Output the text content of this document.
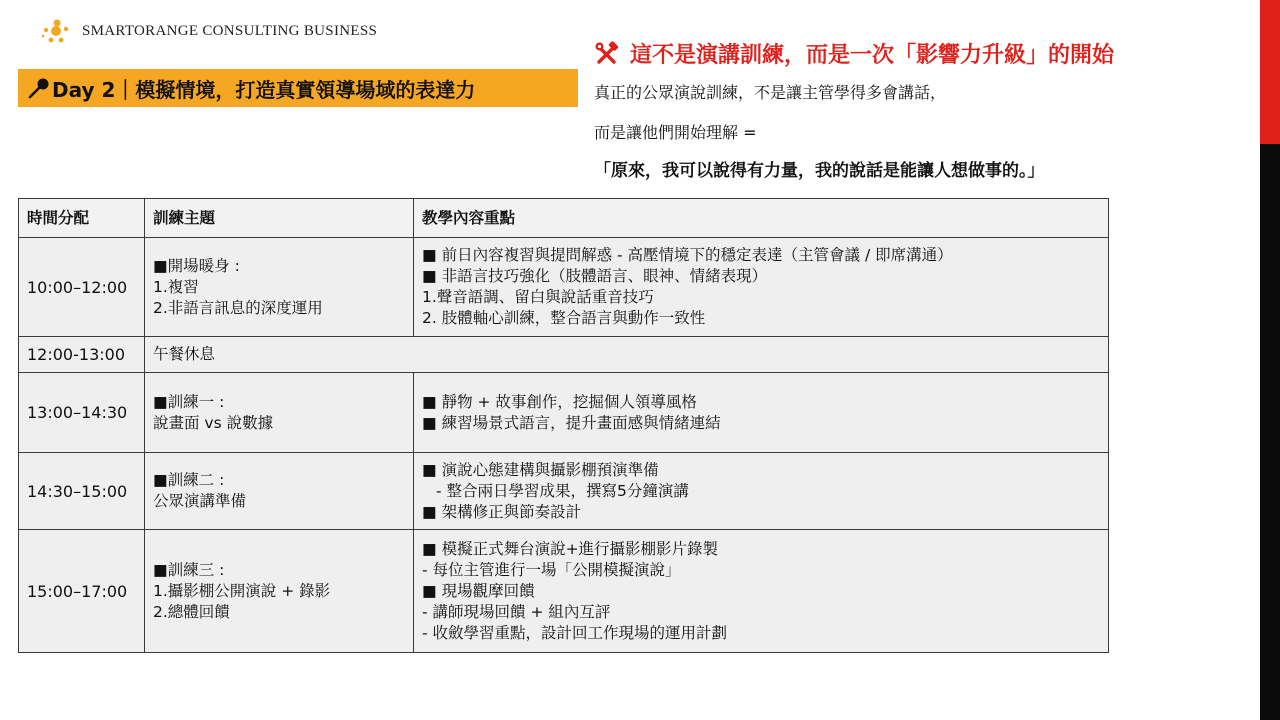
SMARTORANGE CONSULTING BUSINESS
Day 2｜模擬情境，打造真實領導場域的表達力
這不是演講訓練，而是一次「影響力升級」的開始
真正的公眾演說訓練，不是讓主管學得多會講話，
而是讓他們開始理解 =
「原來，我可以說得有力量，我的說話是能讓人想做事的。」
時間分配	訓練主題	教學內容重點
10:00–12:00	■開場暖身 :
1.複習
2.非語言訊息的深度運用	■ 前日內容複習與提問解惑 - 高壓情境下的穩定表達（主管會議 / 即席溝通）
■ 非語言技巧強化（肢體語言、眼神、情緒表現）
1.聲音語調、留白與說話重音技巧
2. 肢體軸心訓練，整合語言與動作一致性

12:00-13:00	午餐休息	
13:00–14:30	■訓練一 :
說畫面 vs 說數據	■ 靜物 + 故事創作，挖掘個人領導風格
■ 練習場景式語言，提升畫面感與情緒連結

14:30–15:00	■訓練二 :
公眾演講準備	■ 演說心態建構與攝影棚預演準備
- 整合兩日學習成果，撰寫5分鐘演講
■ 架構修正與節奏設計

15:00–17:00	■訓練三 :
1.攝影棚公開演說 + 錄影
2.總體回饋	■ 模擬正式舞台演說+進行攝影棚影片錄製
- 每位主管進行一場「公開模擬演說」
■ 現場觀摩回饋
- 講師現場回饋 + 組內互評
- 收斂學習重點，設計回工作現場的運用計劃
